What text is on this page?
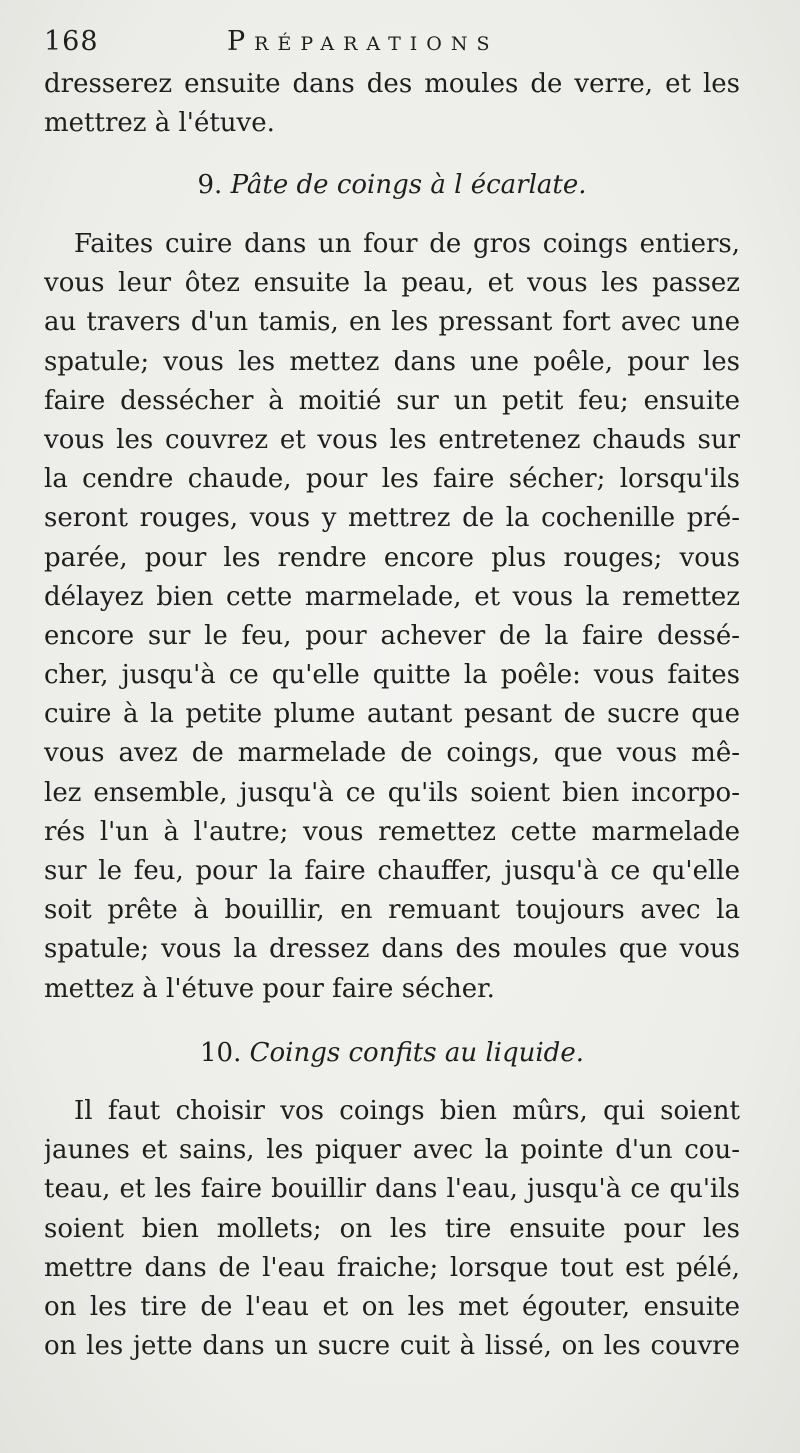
168	Préparations
dresserez ensuite dans des moules de verre, et les
mettrez à l'étuve.
9. Pâte de coings à l écarlate.
Faites cuire dans un four de gros coings entiers,
vous leur ôtez ensuite la peau, et vous les passez
au travers d'un tamis, en les pressant fort avec une
spatule; vous les mettez dans une poêle, pour les
faire dessécher à moitié sur un petit feu; ensuite
vous les couvrez et vous les entretenez chauds sur
la cendre chaude, pour les faire sécher; lorsqu'ils
seront rouges, vous y mettrez de la cochenille pré-
parée, pour les rendre encore plus rouges; vous
délayez bien cette marmelade, et vous la remettez
encore sur le feu, pour achever de la faire dessé-
cher, jusqu'à ce qu'elle quitte la poêle: vous faites
cuire à la petite plume autant pesant de sucre que
vous avez de marmelade de coings, que vous mê-
lez ensemble, jusqu'à ce qu'ils soient bien incorpo-
rés l'un à l'autre; vous remettez cette marmelade
sur le feu, pour la faire chauffer, jusqu'à ce qu'elle
soit prête à bouillir, en remuant toujours avec la
spatule; vous la dressez dans des moules que vous
mettez à l'étuve pour faire sécher.
10. Coings confits au liquide.
Il faut choisir vos coings bien mûrs, qui soient
jaunes et sains, les piquer avec la pointe d'un cou-
teau, et les faire bouillir dans l'eau, jusqu'à ce qu'ils
soient bien mollets; on les tire ensuite pour les
mettre dans de l'eau fraiche; lorsque tout est pélé,
on les tire de l'eau et on les met égouter, ensuite
on les jette dans un sucre cuit à lissé, on les couvre
